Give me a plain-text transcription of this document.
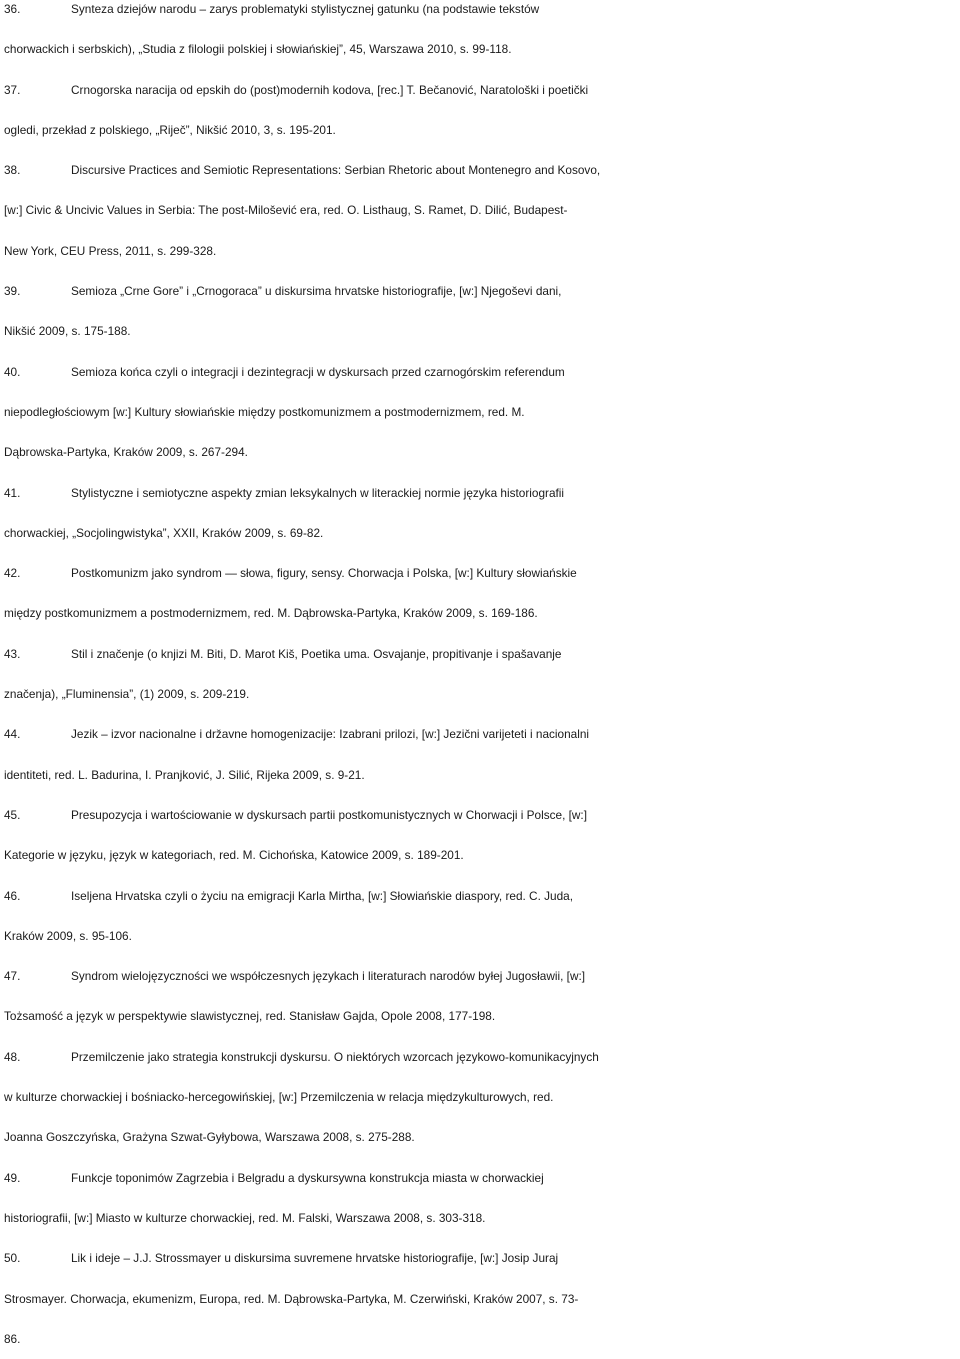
36.	Synteza dziejów narodu – zarys problematyki stylistycznej gatunku (na podstawie tekstów
chorwackich i serbskich), „Studia z filologii polskiej i słowiańskiej”, 45, Warszawa 2010, s. 99-118.
37.	Crnogorska naracija od epskih do (post)modernih kodova, [rec.] T. Bečanović, Naratološki i poetički
ogledi, przekład z polskiego, „Riječ”, Nikšić 2010, 3, s. 195-201.
38.	Discursive Practices and Semiotic Representations: Serbian Rhetoric about Montenegro and Kosovo,
[w:] Civic & Uncivic Values in Serbia: The post-Milošević era, red. O. Listhaug, S. Ramet, D. Dilić, Budapest-
New York, CEU Press, 2011, s. 299-328.
39.	Semioza „Crne Gore” i „Crnogoraca” u diskursima hrvatske historiografije, [w:] Njegoševi dani,
Nikšić 2009, s. 175-188.
40.	Semioza końca czyli o integracji i dezintegracji w dyskursach przed czarnogórskim referendum
niepodległościowym [w:] Kultury słowiańskie między postkomunizmem a postmodernizmem, red. M.
Dąbrowska-Partyka, Kraków 2009, s. 267-294.
41.	Stylistyczne i semiotyczne aspekty zmian leksykalnych w literackiej normie języka historiografii
chorwackiej, „Socjolingwistyka”, XXII, Kraków 2009, s. 69-82.
42.	Postkomunizm jako syndrom — słowa, figury, sensy. Chorwacja i Polska, [w:] Kultury słowiańskie
między postkomunizmem a postmodernizmem, red. M. Dąbrowska-Partyka, Kraków 2009, s. 169-186.
43.	Stil i značenje (o knjizi M. Biti, D. Marot Kiš, Poetika uma. Osvajanje, propitivanje i spašavanje
značenja), „Fluminensia”, (1) 2009, s. 209-219.
44.	Jezik – izvor nacionalne i državne homogenizacije: Izabrani prilozi, [w:] Jezični varijeteti i nacionalni
identiteti, red. L. Badurina, I. Pranjković, J. Silić, Rijeka 2009, s. 9-21.
45.	Presupozycja i wartościowanie w dyskursach partii postkomunistycznych w Chorwacji i Polsce, [w:]
Kategorie w języku, język w kategoriach, red. M. Cichońska, Katowice 2009, s. 189-201.
46.	Iseljena Hrvatska czyli o życiu na emigracji Karla Mirtha, [w:] Słowiańskie diaspory, red. C. Juda,
Kraków 2009, s. 95-106.
47.	Syndrom wielojęzyczności we współczesnych językach i literaturach narodów byłej Jugosławii, [w:]
Tożsamość a język w perspektywie slawistycznej, red. Stanisław Gajda, Opole 2008, 177-198.
48.	Przemilczenie jako strategia konstrukcji dyskursu. O niektórych wzorcach językowo-komunikacyjnych
w kulturze chorwackiej i bośniacko-hercegowińskiej, [w:] Przemilczenia w relacja międzykulturowych, red.
Joanna Goszczyńska, Grażyna Szwat-Gyłybowa, Warszawa 2008, s. 275-288.
49.	Funkcje toponimów Zagrzebia i Belgradu a dyskursywna konstrukcja miasta w chorwackiej
historiografii, [w:] Miasto w kulturze chorwackiej, red. M. Falski, Warszawa 2008, s. 303-318.
50.	Lik i ideje – J.J. Strossmayer u diskursima suvremene hrvatske historiografije, [w:] Josip Juraj
Strosmayer. Chorwacja, ekumenizm, Europa, red. M. Dąbrowska-Partyka, M. Czerwiński, Kraków 2007, s. 73-
86.
